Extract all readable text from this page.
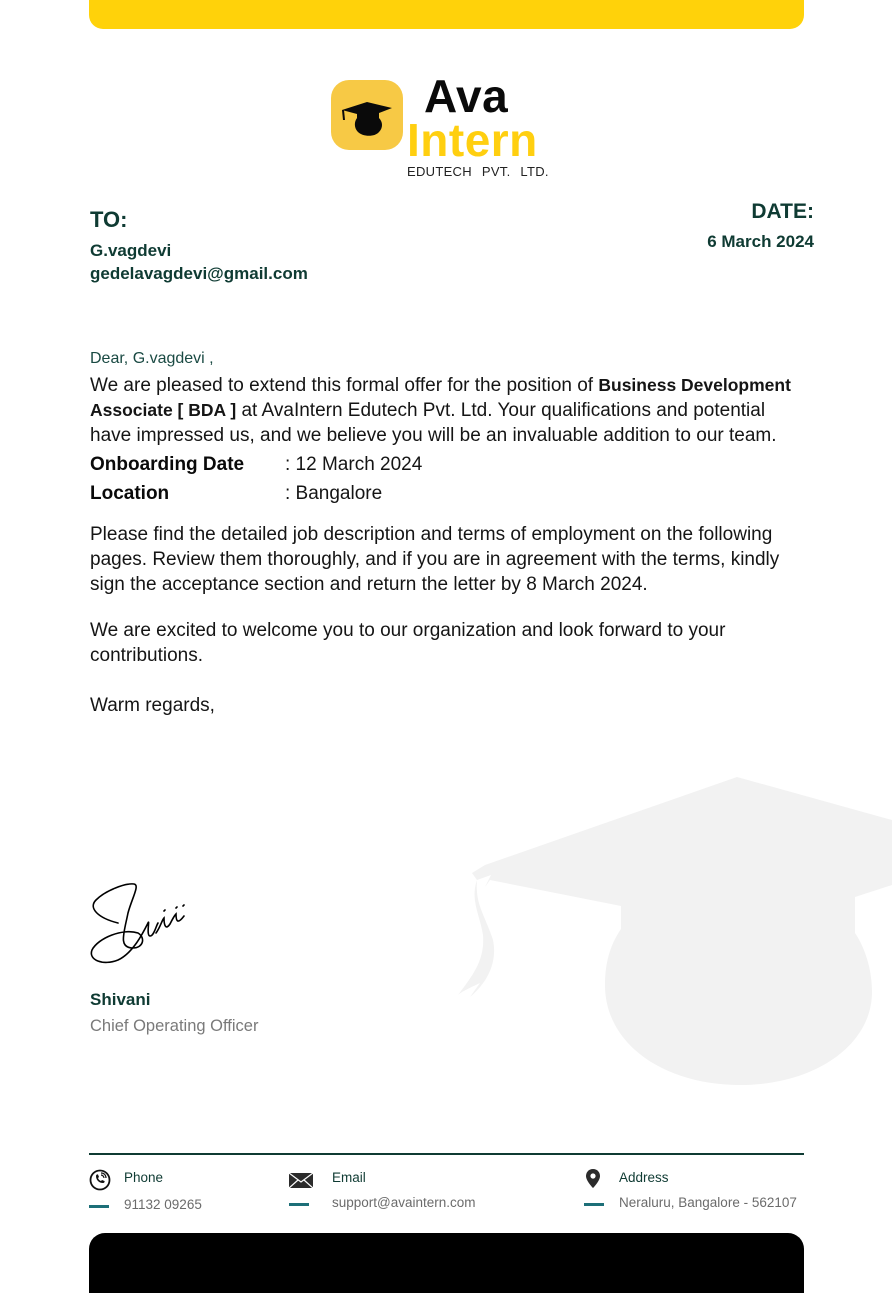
Ava
Intern
EDUTECH PVT. LTD.
TO:
G.vagdevi
gedelavagdevi@gmail.com
DATE:
6 March 2024
Dear, G.vagdevi ,

We are pleased to extend this formal offer for the position of Business Development Associate [ BDA ] at AvaIntern Edutech Pvt. Ltd. Your qualifications and potential have impressed us, and we believe you will be an invaluable addition to our team.

Onboarding Date	: 12 March 2024
Location	: Bangalore

Please find the detailed job description and terms of employment on the following pages. Review them thoroughly, and if you are in agreement with the terms, kindly sign the acceptance section and return the letter by 8 March 2024.

We are excited to welcome you to our organization and look forward to your contributions.

Warm regards,

Shivani
Chief Operating Officer
Phone
91132 09265
Email
support@avaintern.com
Address
Neraluru, Bangalore - 562107
